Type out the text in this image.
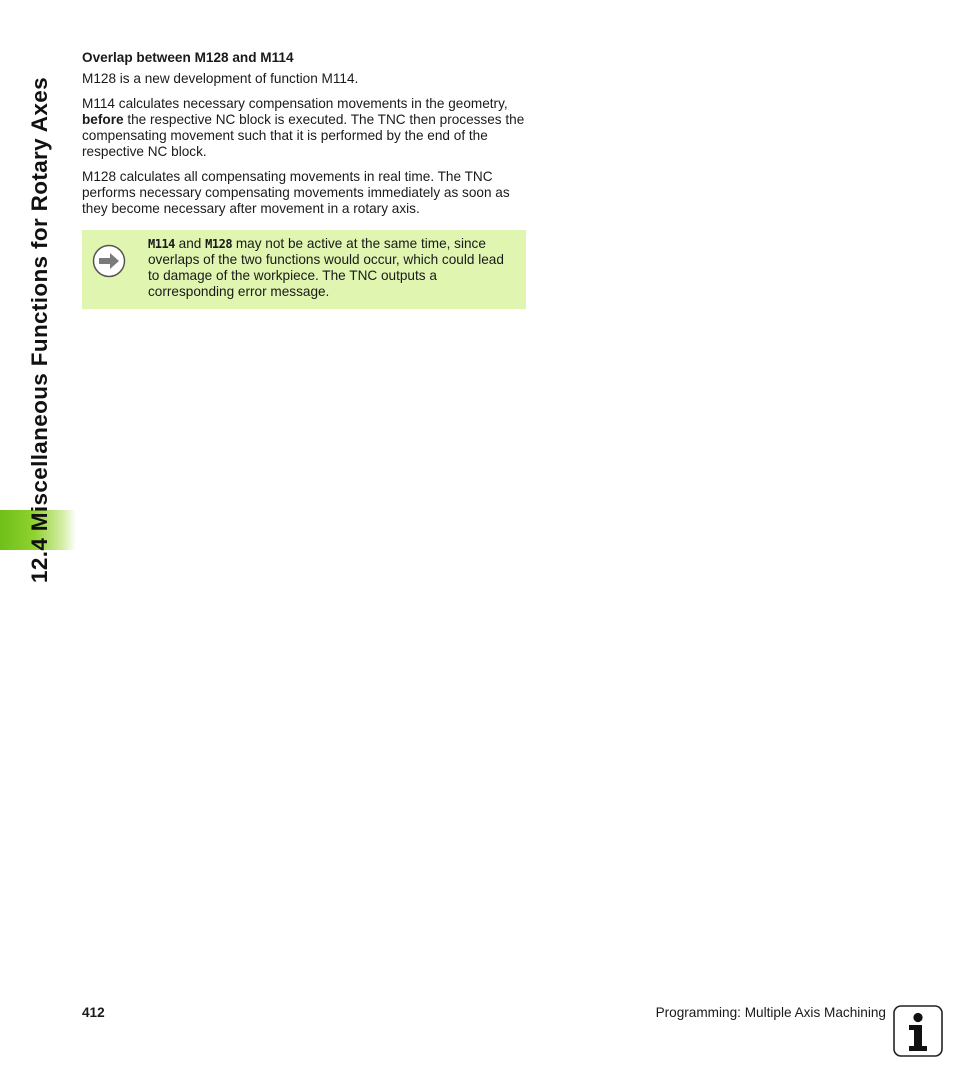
12.4 Miscellaneous Functions for Rotary Axes
Overlap between M128 and M114

M128 is a new development of function M114.

M114 calculates necessary compensation movements in the geometry, before the respective NC block is executed. The TNC then processes the compensating movement such that it is performed by the end of the respective NC block.

M128 calculates all compensating movements in real time. The TNC performs necessary compensating movements immediately as soon as they become necessary after movement in a rotary axis.

M114 and M128 may not be active at the same time, since overlaps of the two functions would occur, which could lead to damage of the workpiece. The TNC outputs a corresponding error message.
412	Programming: Multiple Axis Machining
